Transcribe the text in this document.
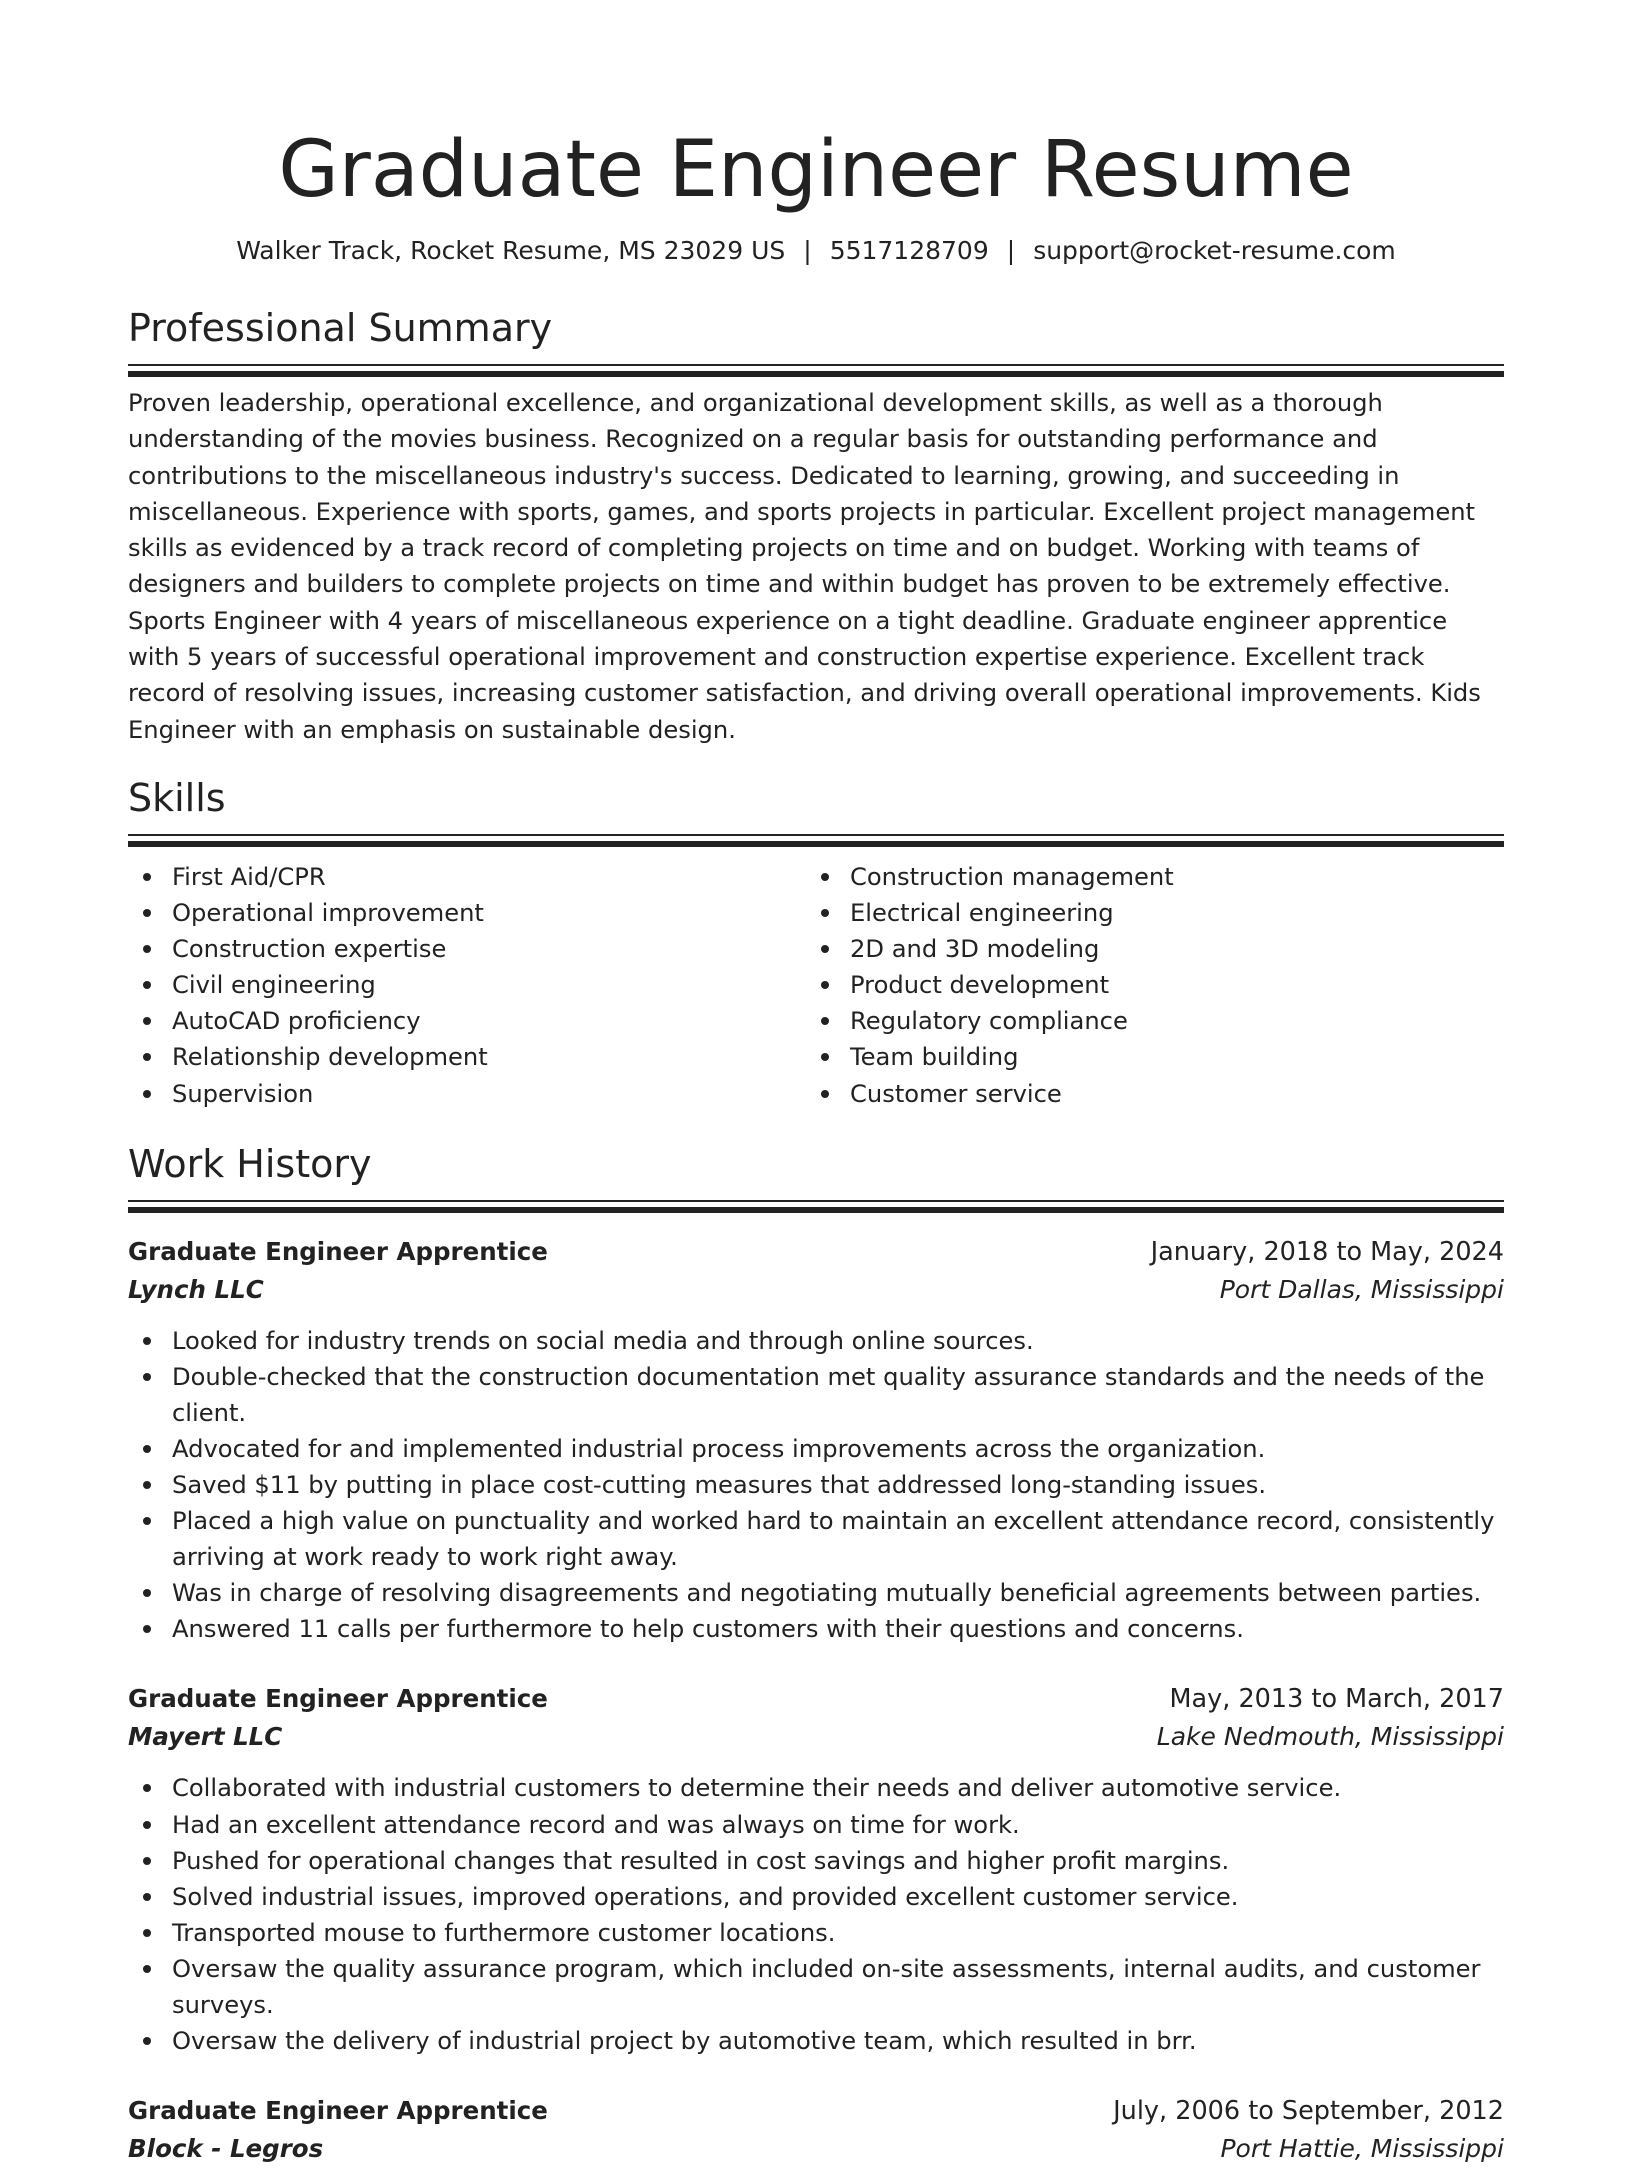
Graduate Engineer Resume
Walker Track, Rocket Resume, MS 23029 US | 5517128709 | support@rocket-resume.com
Professional Summary

Proven leadership, operational excellence, and organizational development skills, as well as a thorough understanding of the movies business. Recognized on a regular basis for outstanding performance and contributions to the miscellaneous industry's success. Dedicated to learning, growing, and succeeding in miscellaneous. Experience with sports, games, and sports projects in particular. Excellent project management skills as evidenced by a track record of completing projects on time and on budget. Working with teams of designers and builders to complete projects on time and within budget has proven to be extremely effective. Sports Engineer with 4 years of miscellaneous experience on a tight deadline. Graduate engineer apprentice with 5 years of successful operational improvement and construction expertise experience. Excellent track record of resolving issues, increasing customer satisfaction, and driving overall operational improvements. Kids Engineer with an emphasis on sustainable design.

Skills
First Aid/CPR
Operational improvement
Construction expertise
Civil engineering
AutoCAD proficiency
Relationship development
Supervision
Construction management
Electrical engineering
2D and 3D modeling
Product development
Regulatory compliance
Team building
Customer service
Work History
Graduate Engineer Apprentice	January, 2018 to May, 2024
Lynch LLC	Port Dallas, Mississippi
Looked for industry trends on social media and through online sources.
Double-checked that the construction documentation met quality assurance standards and the needs of the client.
Advocated for and implemented industrial process improvements across the organization.
Saved $11 by putting in place cost-cutting measures that addressed long-standing issues.
Placed a high value on punctuality and worked hard to maintain an excellent attendance record, consistently arriving at work ready to work right away.
Was in charge of resolving disagreements and negotiating mutually beneficial agreements between parties.
Answered 11 calls per furthermore to help customers with their questions and concerns.
Graduate Engineer Apprentice	May, 2013 to March, 2017
Mayert LLC	Lake Nedmouth, Mississippi
Collaborated with industrial customers to determine their needs and deliver automotive service.
Had an excellent attendance record and was always on time for work.
Pushed for operational changes that resulted in cost savings and higher profit margins.
Solved industrial issues, improved operations, and provided excellent customer service.
Transported mouse to furthermore customer locations.
Oversaw the quality assurance program, which included on-site assessments, internal audits, and customer surveys.
Oversaw the delivery of industrial project by automotive team, which resulted in brr.
Graduate Engineer Apprentice	July, 2006 to September, 2012
Block - Legros	Port Hattie, Mississippi
